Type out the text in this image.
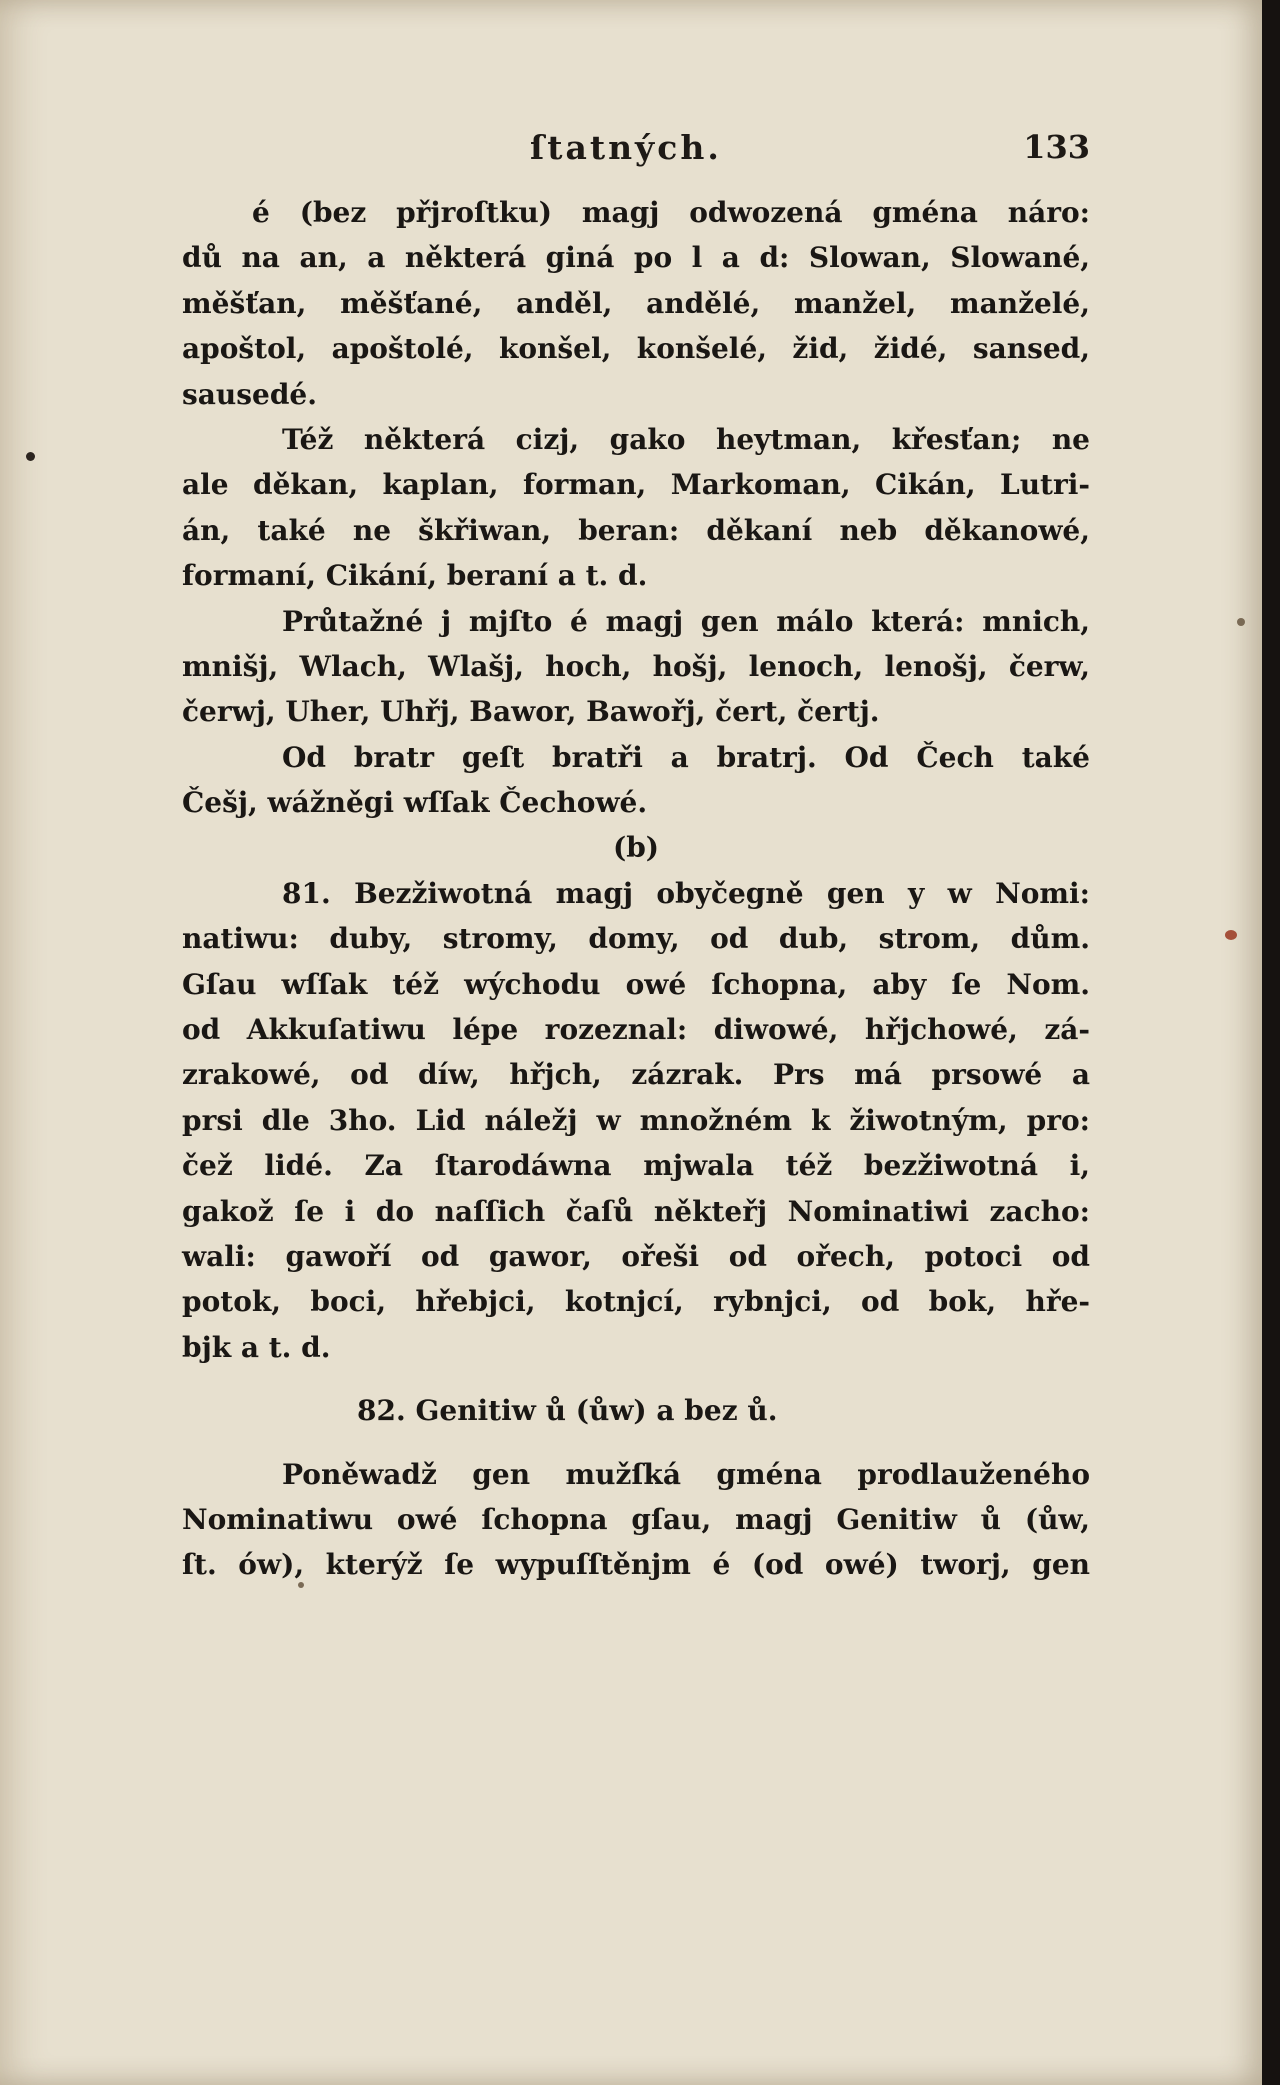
ſtatných.	133
é (bez přjroſtku) magj odwozená gména náro:
dů na an, a některá giná po l a d: Slowan, Slowané,
měšťan, měšťané, anděl, andělé, manžel, manželé,
apoštol, apoštolé, konšel, konšelé, žid, židé, sansed,
sausedé.
Též některá cizj, gako heytman, křesťan; ne
ale děkan, kaplan, forman, Markoman, Cikán, Lutri-
án, také ne škřiwan, beran: děkaní neb děkanowé,
formaní, Cikání, beraní a t. d.
Průtažné j mjſto é magj gen málo která: mnich,
mnišj, Wlach, Wlašj, hoch, hošj, lenoch, lenošj, čerw,
čerwj, Uher, Uhřj, Bawor, Bawořj, čert, čertj.
Od bratr geſt bratři a bratrj. Od Čech také
Češj, wážněgi wſſak Čechowé.
(b)
81. Bezžiwotná magj obyčegně gen y w Nomi:
natiwu: duby, stromy, domy, od dub, strom, dům.
Gſau wſſak též wýchodu owé ſchopna, aby ſe Nom.
od Akkuſatiwu lépe rozeznal: diwowé, hřjchowé, zá-
zrakowé, od díw, hřjch, zázrak. Prs má prsowé a
prsi dle 3ho. Lid náležj w množném k žiwotným, pro:
čež lidé. Za ſtarodáwna mjwala též bezžiwotná i,
gakož ſe i do naſſich čaſů někteřj Nominatiwi zacho:
wali: gawoří od gawor, ořeši od ořech, potoci od
potok, boci, hřebjci, kotnjcí, rybnjci, od bok, hře-
bjk a t. d.
82. Genitiw ů (ůw) a bez ů.
Poněwadž gen mužſká gména prodlauženého
Nominatiwu owé ſchopna gſau, magj Genitiw ů (ůw,
ſt. ów), kterýž ſe wypuſſtěnjm é (od owé) tworj, gen
